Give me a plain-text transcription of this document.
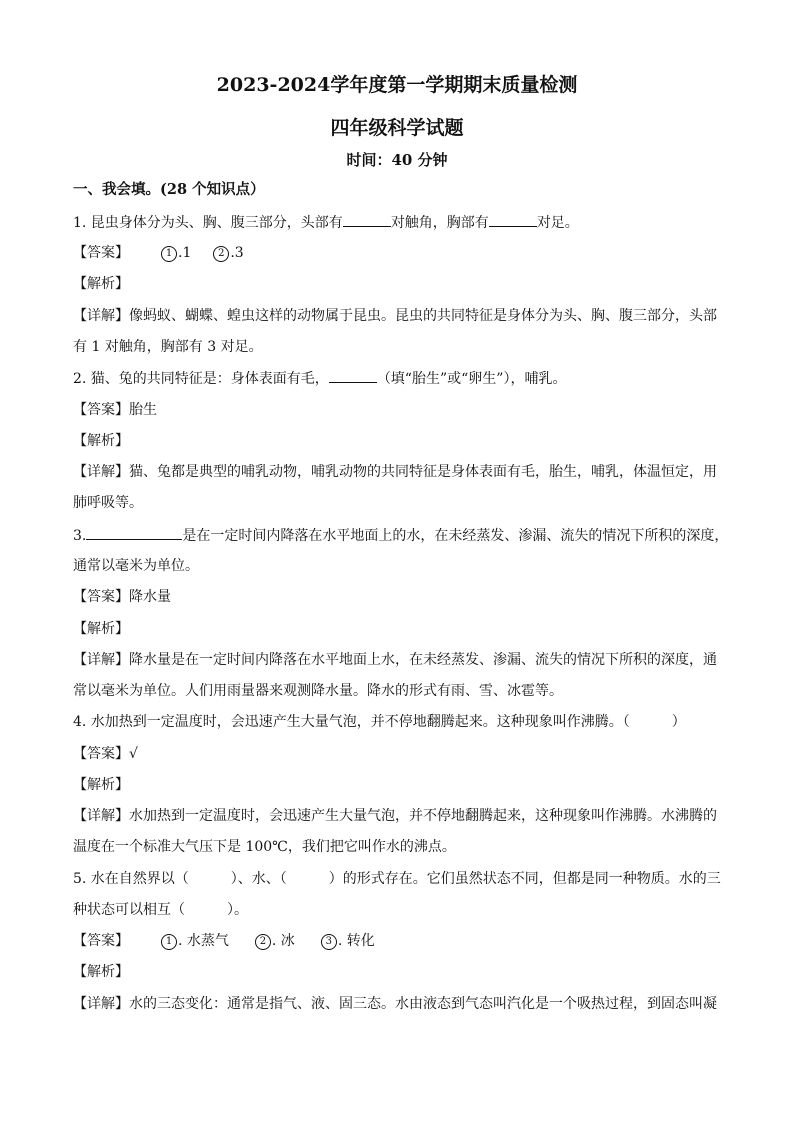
2023-2024学年度第一学期期末质量检测
四年级科学试题
时间：40 分钟
一、我会填。(28 个知识点）
1. 昆虫身体分为头、胸、腹三部分，头部有	对触角，胸部有	对足。
【答案】	1 .1	2 .3
【解析】
【详解】像蚂蚁、蝴蝶、蝗虫这样的动物属于昆虫。昆虫的共同特征是身体分为头、胸、腹三部分，头部
有 1 对触角，胸部有 3 对足。
2. 猫、兔的共同特征是：身体表面有毛，	（填“胎生”或“卵生”），哺乳。
【答案】胎生
【解析】
【详解】猫、兔都是典型的哺乳动物，哺乳动物的共同特征是身体表面有毛，胎生，哺乳，体温恒定，用
肺呼吸等。
3.	是在一定时间内降落在水平地面上的水，在未经蒸发、渗漏、流失的情况下所积的深度，
通常以毫米为单位。
【答案】降水量
【解析】
【详解】降水量是在一定时间内降落在水平地面上水，在未经蒸发、渗漏、流失的情况下所积的深度，通
常以毫米为单位。人们用雨量器来观测降水量。降水的形式有雨、雪、冰雹等。
4. 水加热到一定温度时，会迅速产生大量气泡，并不停地翻腾起来。这种现象叫作沸腾。（　　　）
【答案】√
【解析】
【详解】水加热到一定温度时，会迅速产生大量气泡，并不停地翻腾起来，这种现象叫作沸腾。水沸腾的
温度在一个标准大气压下是 100℃，我们把它叫作水的沸点。
5. 水在自然界以（　　　）、水、（　　　）的形式存在。它们虽然状态不同，但都是同一种物质。水的三
种状态可以相互（　　　）。
【答案】	1 . 水蒸气	2 . 冰	3 . 转化
【解析】
【详解】水的三态变化：通常是指气、液、固三态。水由液态到气态叫汽化是一个吸热过程，到固态叫凝
